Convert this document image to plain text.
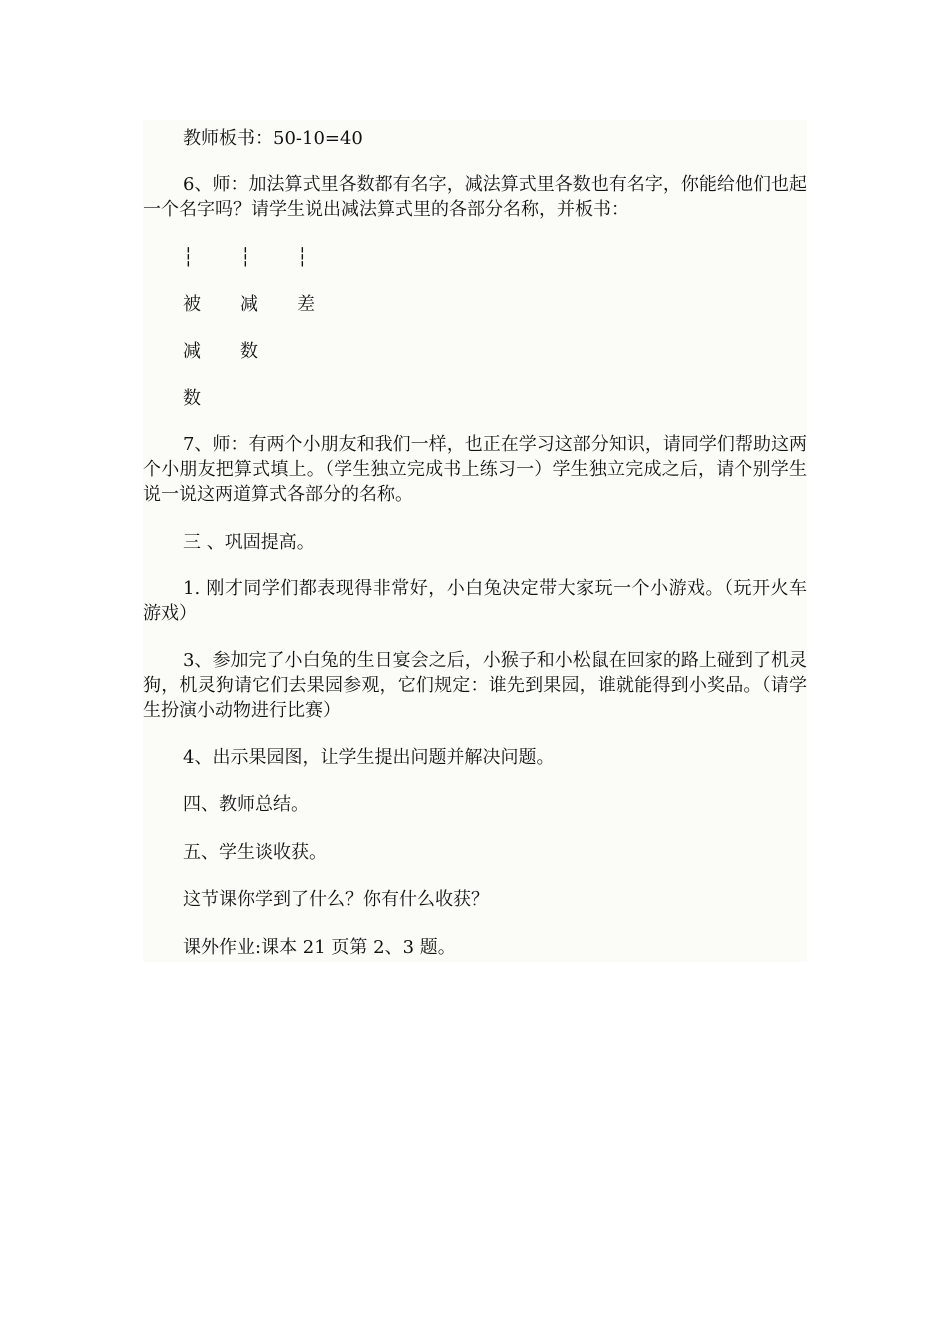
教师板书：50-10=40
6、师：加法算式里各数都有名字，减法算式里各数也有名字，你能给他们也起一个名字吗？请学生说出减法算式里的各部分名称，并板书：
┆
被
减
数
┆
减
数
┆
差
7、师：有两个小朋友和我们一样，也正在学习这部分知识，请同学们帮助这两个小朋友把算式填上。（学生独立完成书上练习一）学生独立完成之后，请个别学生说一说这两道算式各部分的名称。
三 、巩固提高。
1. 刚才同学们都表现得非常好，小白兔决定带大家玩一个小游戏。（玩开火车游戏）
3、参加完了小白兔的生日宴会之后，小猴子和小松鼠在回家的路上碰到了机灵狗，机灵狗请它们去果园参观，它们规定：谁先到果园，谁就能得到小奖品。（请学生扮演小动物进行比赛）
4、出示果园图，让学生提出问题并解决问题。
四、教师总结。
五、学生谈收获。
这节课你学到了什么？你有什么收获？
课外作业:课本 21 页第 2、3 题。
